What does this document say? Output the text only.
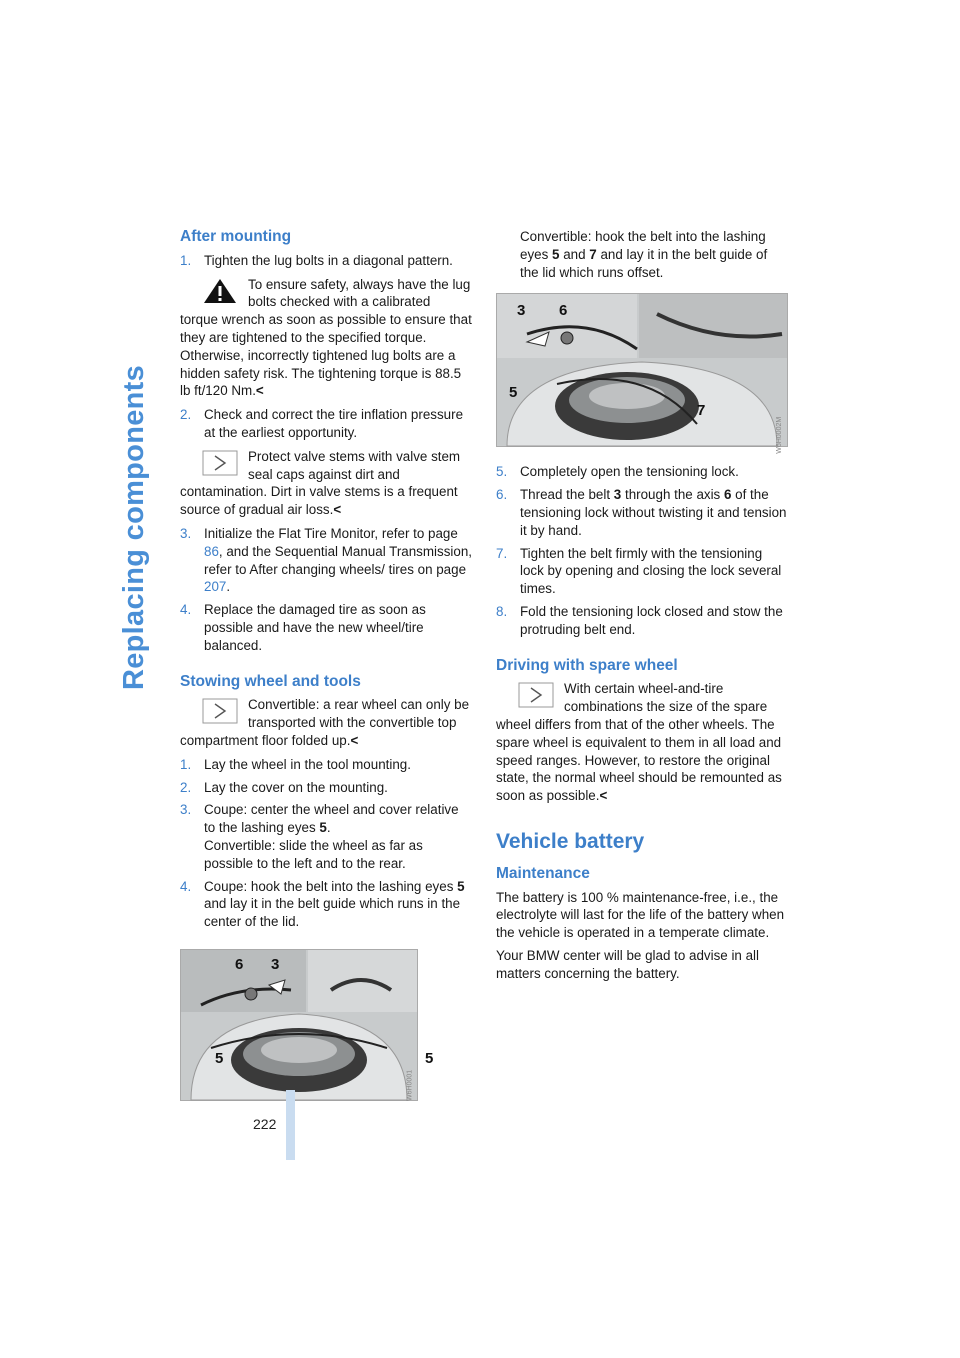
Replacing components
After mounting
1. Tighten the lug bolts in a diagonal pattern.
To ensure safety, always have the lug bolts checked with a calibrated torque wrench as soon as possible to ensure that they are tightened to the specified torque. Otherwise, incorrectly tightened lug bolts are a hidden safety risk. The tightening torque is 88.5 lb ft/120 Nm.<
2. Check and correct the tire inflation pressure at the earliest opportunity.
Protect valve stems with valve stem seal caps against dirt and contamination. Dirt in valve stems is a frequent source of gradual air loss.<
3. Initialize the Flat Tire Monitor, refer to page 86, and the Sequential Manual Transmission, refer to After changing wheels/ tires on page 207.
4. Replace the damaged tire as soon as possible and have the new wheel/tire balanced.
Stowing wheel and tools
Convertible: a rear wheel can only be transported with the convertible top compartment floor folded up.<
1. Lay the wheel in the tool mounting.
2. Lay the cover on the mounting.
3. Coupe: center the wheel and cover relative to the lashing eyes 5.
Convertible: slide the wheel as far as possible to the left and to the rear.
4. Coupe: hook the belt into the lashing eyes 5 and lay it in the belt guide which runs in the center of the lid.
6 3
5	5
W6H0001

Convertible: hook the belt into the lashing eyes 5 and 7 and lay it in the belt guide of the lid which runs offset.

3 6
5
7
W6H0002M
5. Completely open the tensioning lock.
6. Thread the belt 3 through the axis 6 of the tensioning lock without twisting it and tension it by hand.
7. Tighten the belt firmly with the tensioning lock by opening and closing the lock several times.
8. Fold the tensioning lock closed and stow the protruding belt end.
Driving with spare wheel
With certain wheel-and-tire combinations the size of the spare wheel differs from that of the other wheels. The spare wheel is equivalent to them in all load and speed ranges. However, to restore the original state, the normal wheel should be remounted as soon as possible.<
Vehicle battery
Maintenance

The battery is 100 % maintenance-free, i.e., the electrolyte will last for the life of the battery when the vehicle is operated in a temperate climate.

Your BMW center will be glad to advise in all matters concerning the battery.

222
